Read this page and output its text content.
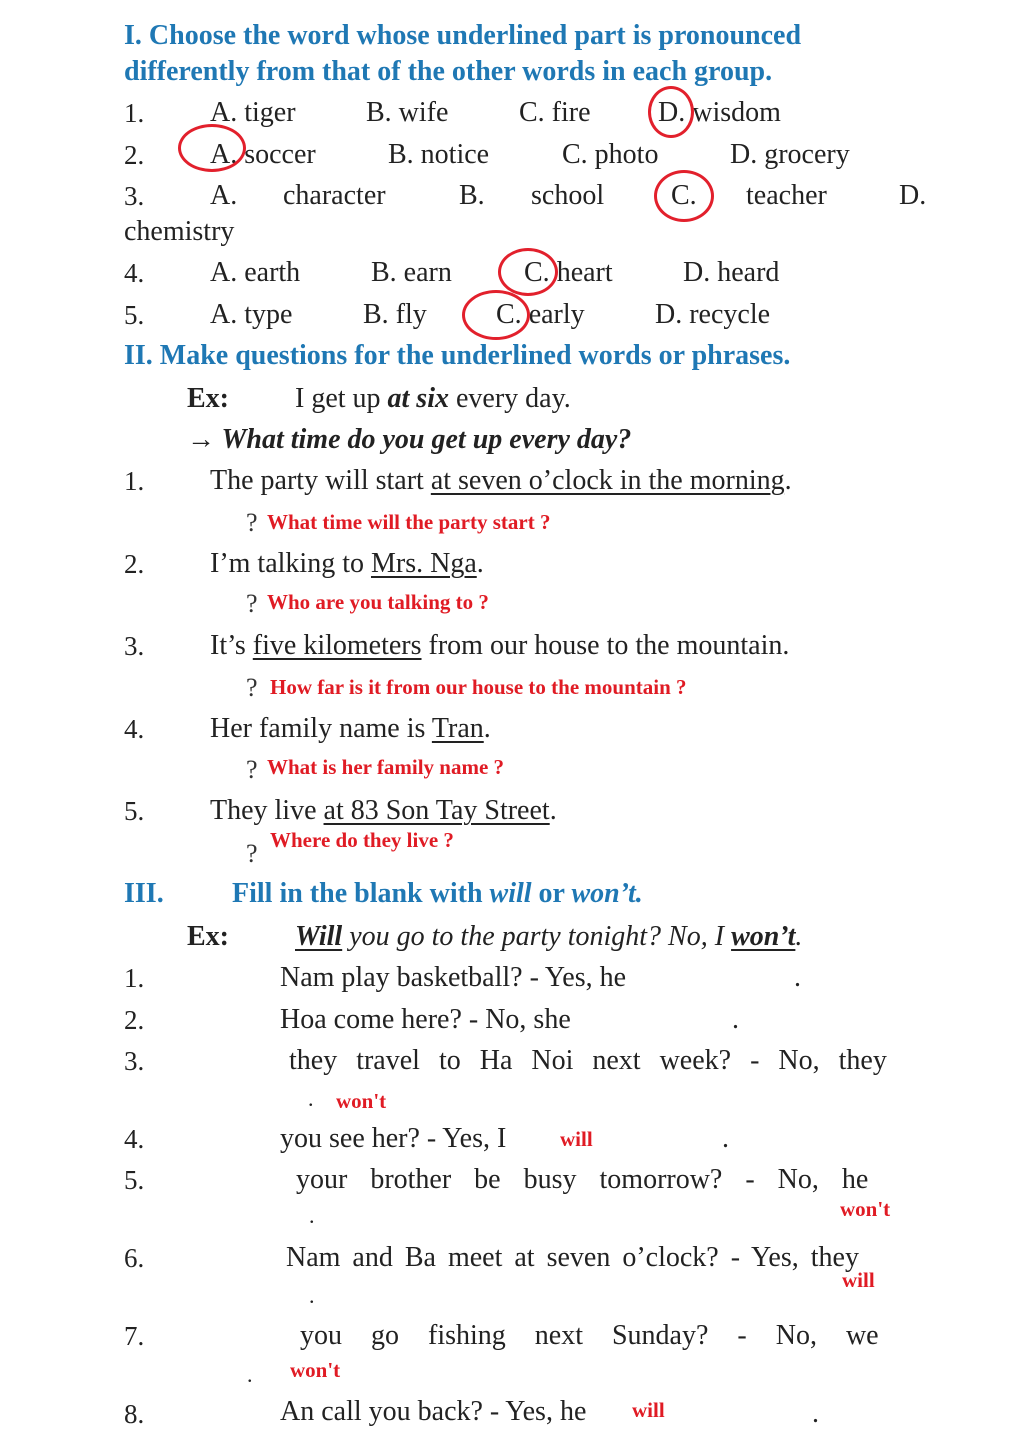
I. Choose the word whose underlined part is pronounced
differently from that of the other words in each group.
1. A. tiger	B. wife	C. fire D. wisdom
2. A. soccer	B. notice	C. photo	D. grocery
3. A. character	B. school C. teacher	D.
chemistry
4. A. earth	B. earn	C. heart	D. heard
5. A. type	B. fly C. early	D. recycle
II. Make questions for the underlined words or phrases.
Ex: I get up at six every day.
→ What time do you get up every day?
1. The party will start at seven o’clock in the morning.
? What time will the party start ?
2. I’m talking to Mrs. Nga.
? Who are you talking to ?
3. It’s five kilometers from our house to the mountain.
? How far is it from our house to the mountain ?
4. Her family name is Tran.
? What is her family name ?
5. They live at 83 Son Tay Street.
? Where do they live ?
III. Fill in the blank with will or won’t.
Ex: Will you go to the party tonight? No, I won’t.
1.	Nam play basketball? - Yes, he	.
2.	Hoa come here? - No, she	.
3.	they travel to Ha Noi next week? - No, they
. won't
4.	you see her? - Yes, I	will	.
5.	your brother be busy tomorrow? - No, he
.	won't
6.	Nam and Ba meet at seven o’clock? - Yes, they
.
will
7.	you go fishing next Sunday? - No, we
. won't
8.	An call you back? - Yes, he will	.
